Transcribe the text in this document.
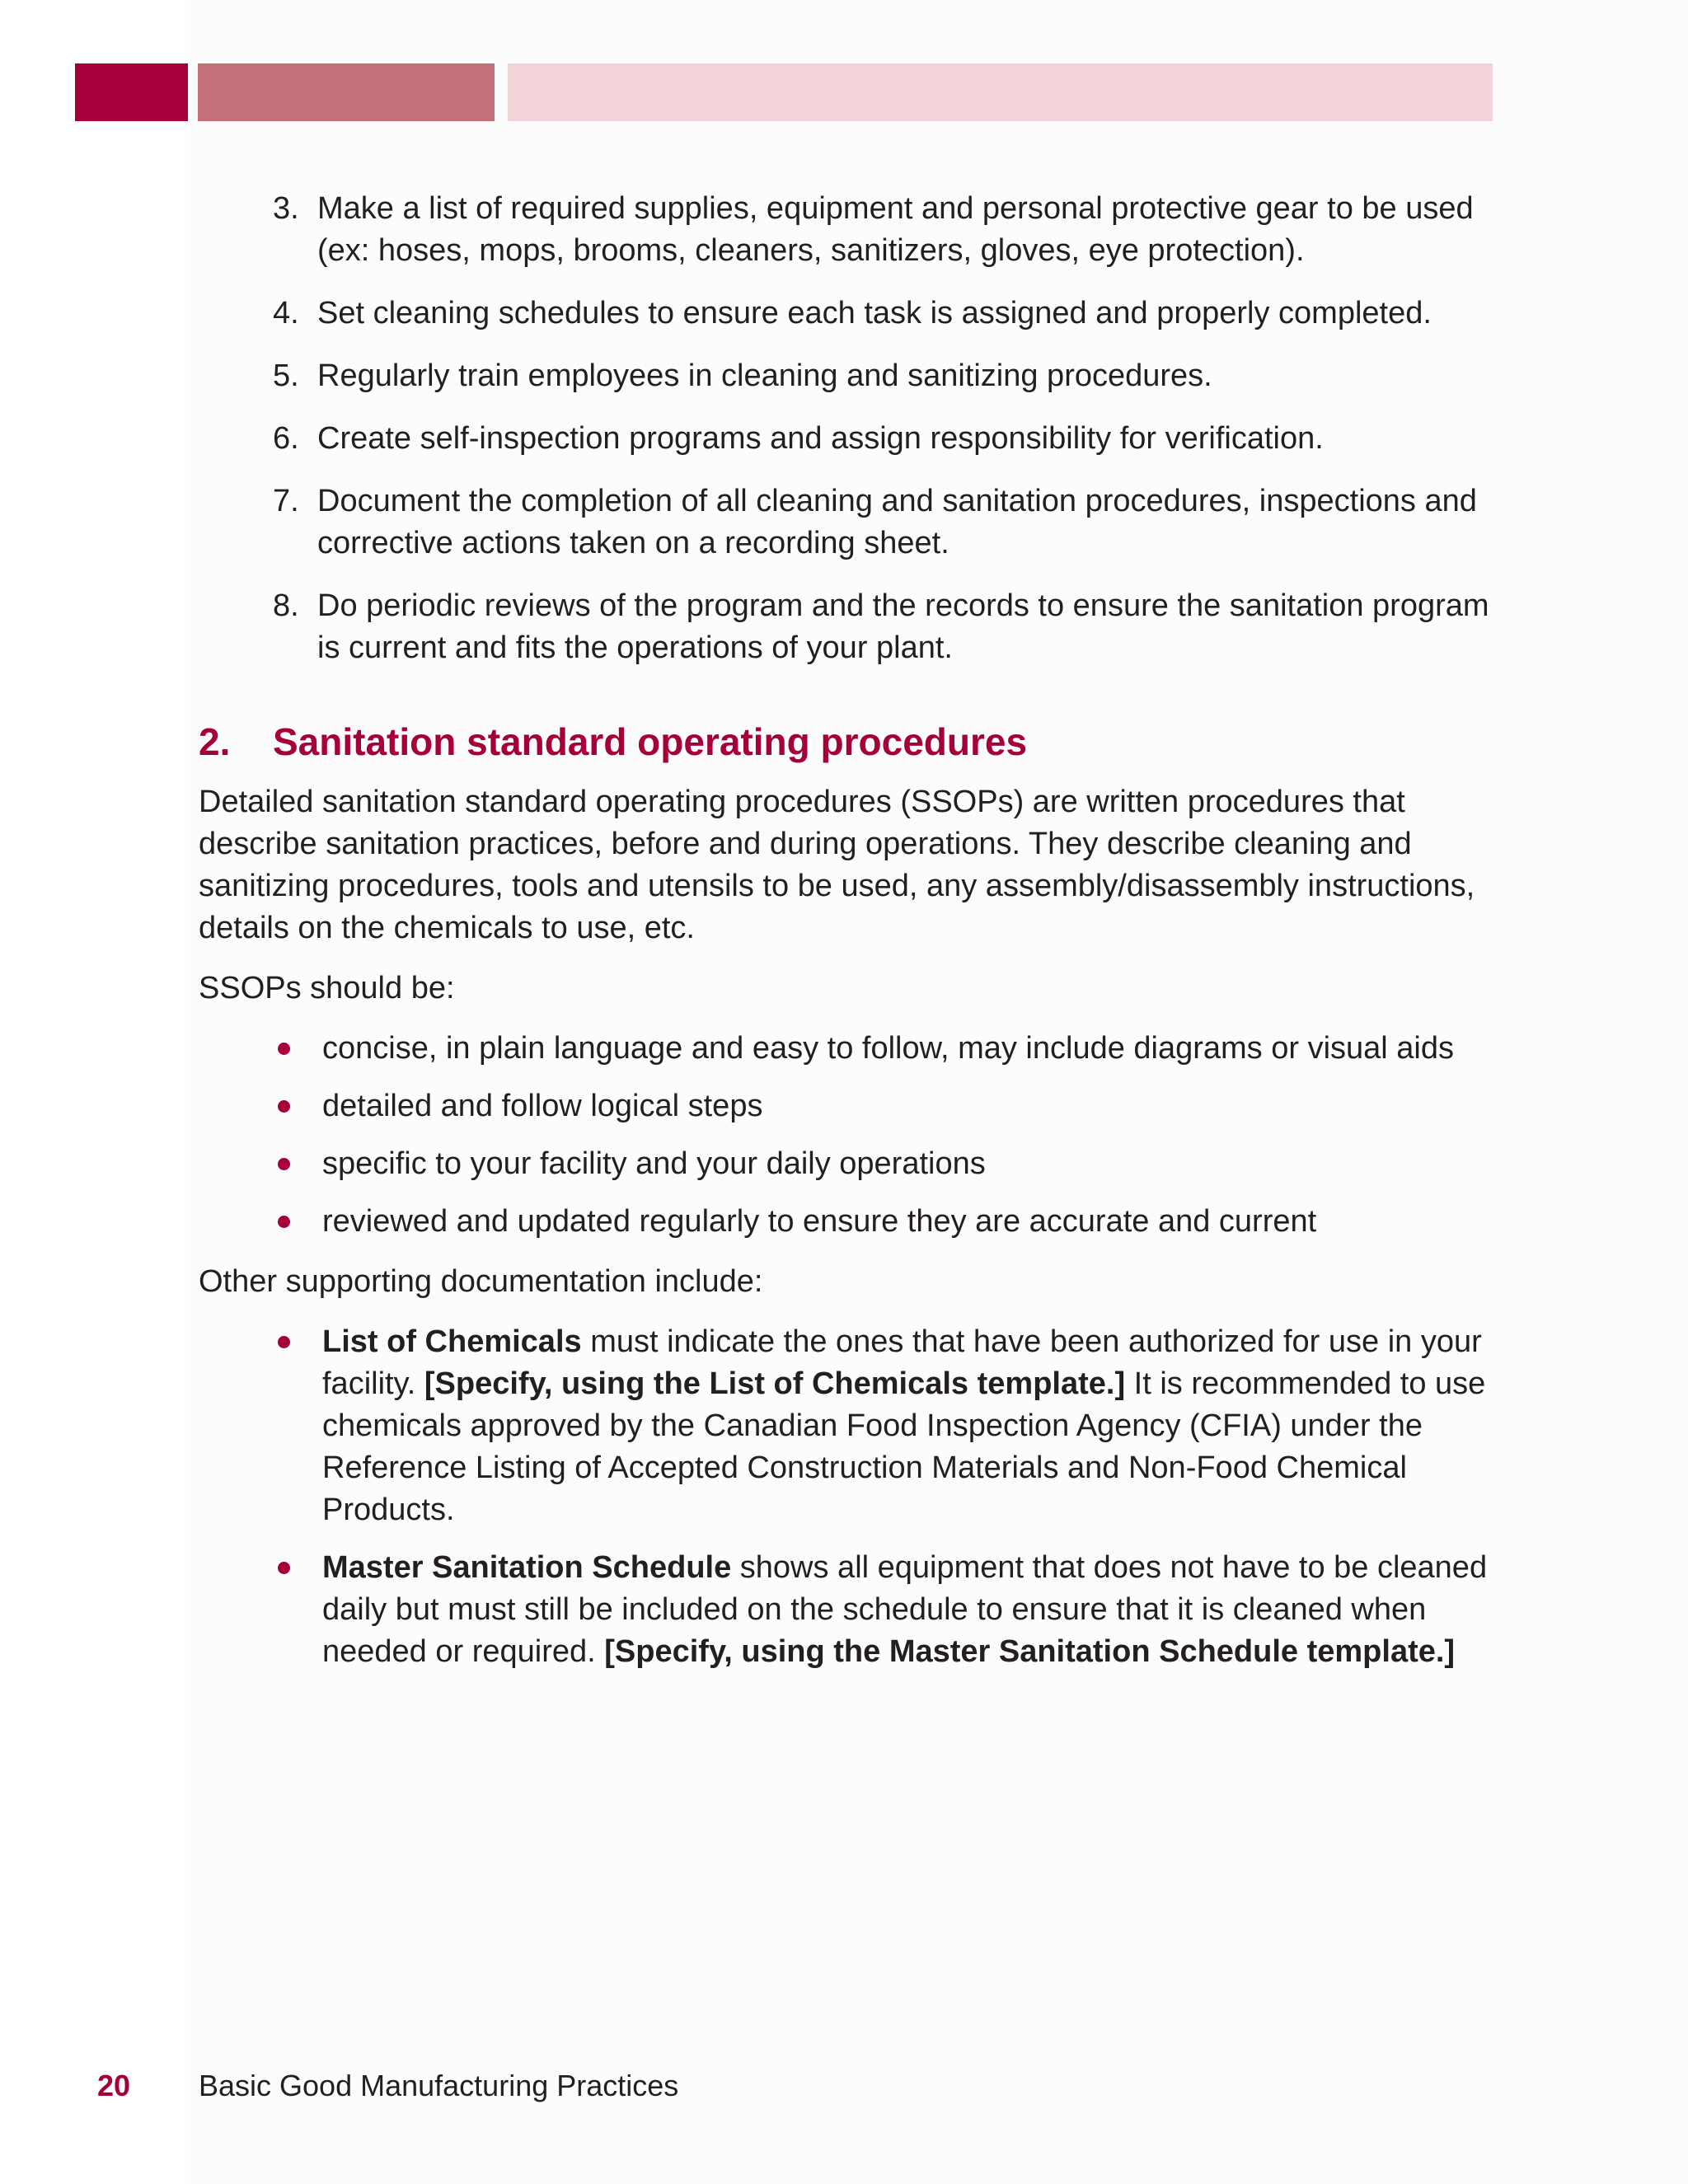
3. Make a list of required supplies, equipment and personal protective gear to be used (ex: hoses, mops, brooms, cleaners, sanitizers, gloves, eye protection).
4. Set cleaning schedules to ensure each task is assigned and properly completed.
5. Regularly train employees in cleaning and sanitizing procedures.
6. Create self-inspection programs and assign responsibility for verification.
7. Document the completion of all cleaning and sanitation procedures, inspections and corrective actions taken on a recording sheet.
8. Do periodic reviews of the program and the records to ensure the sanitation program is current and fits the operations of your plant.
2. Sanitation standard operating procedures

Detailed sanitation standard operating procedures (SSOPs) are written procedures that describe sanitation practices, before and during operations. They describe cleaning and sanitizing procedures, tools and utensils to be used, any assembly/disassembly instructions, details on the chemicals to use, etc.

SSOPs should be:

concise, in plain language and easy to follow, may include diagrams or visual aids
detailed and follow logical steps
specific to your facility and your daily operations
reviewed and updated regularly to ensure they are accurate and current

Other supporting documentation include:

List of Chemicals must indicate the ones that have been authorized for use in your facility. [Specify, using the List of Chemicals template.] It is recommended to use chemicals approved by the Canadian Food Inspection Agency (CFIA) under the Reference Listing of Accepted Construction Materials and Non-Food Chemical Products.
Master Sanitation Schedule shows all equipment that does not have to be cleaned daily but must still be included on the schedule to ensure that it is cleaned when needed or required. [Specify, using the Master Sanitation Schedule template.]
20 Basic Good Manufacturing Practices
